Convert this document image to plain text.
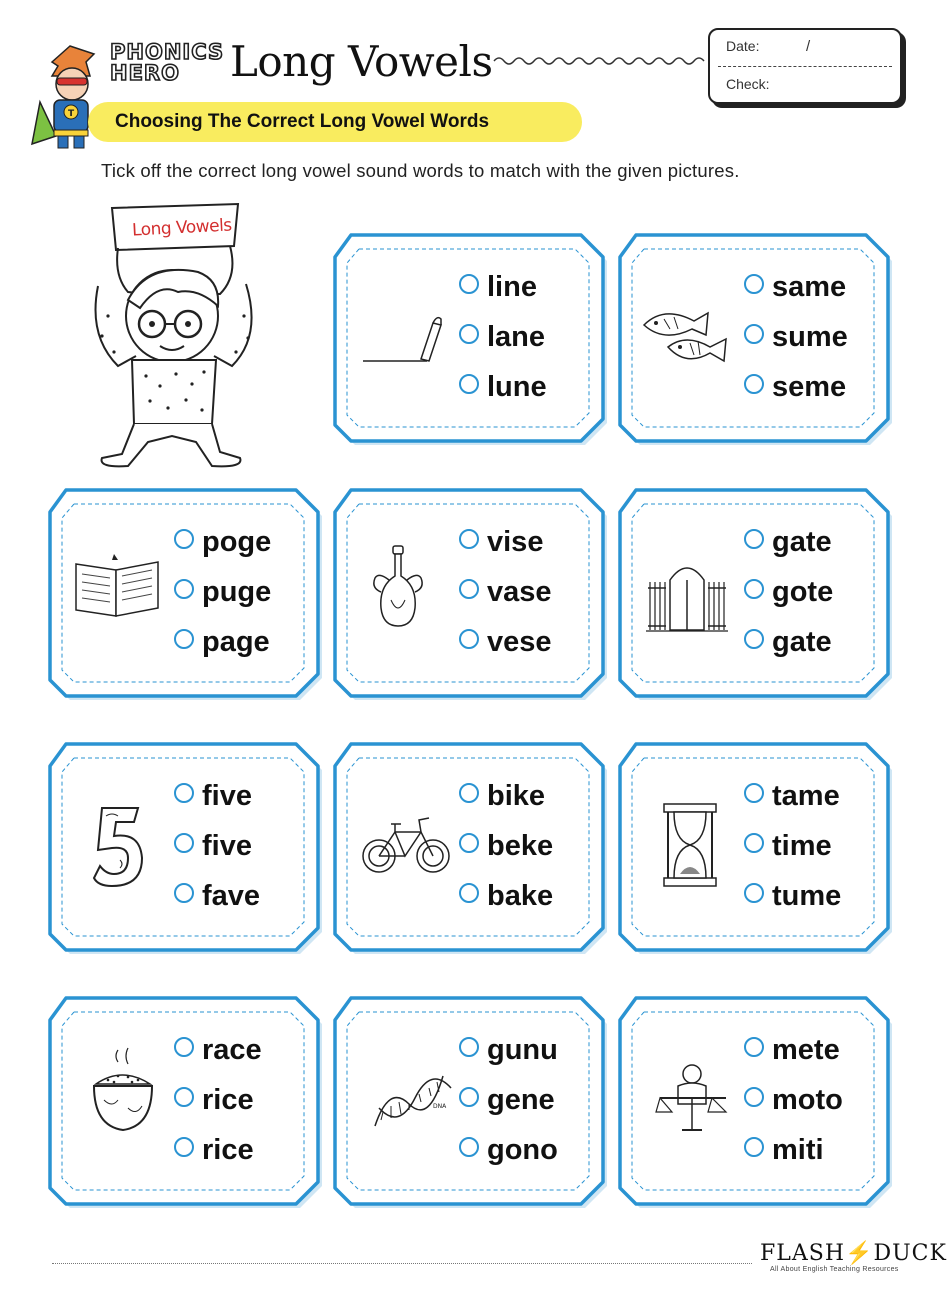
T
PHONICS HERO	Long Vowels	Date:	/
Check:
Choosing The Correct Long Vowel Words
Tick off the correct long vowel sound words to match with the given pictures.
Long Vowels
line
lane
lune
same
sume
seme
poge
puge
page
vise
vase
vese
gate
gote
gate
five
five
fave
bike
beke
bake
tame
time
tume
race
rice
rice
DNA
gunu
gene
gono
mete
moto
miti
FLASH⚡DUCK
All About English Teaching Resources
